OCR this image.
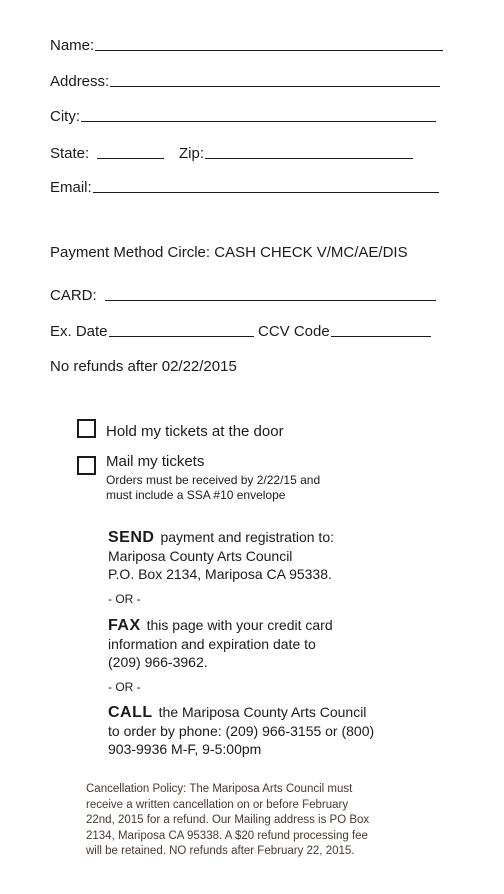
Name:
Address:
City:
State:	Zip:
Email:
Payment Method Circle: CASH CHECK V/MC/AE/DIS
CARD:
Ex. Date	CCV Code
No refunds after 02/22/2015
Hold my tickets at the door
Mail my tickets
Orders must be received by 2/22/15 and
must include a SSA #10 envelope
SEND payment and registration to:
Mariposa County Arts Council
P.O. Box 2134, Mariposa CA 95338.
- OR -
FAX this page with your credit card
information and expiration date to
(209) 966-3962.
- OR -
CALL the Mariposa County Arts Council
to order by phone: (209) 966-3155 or (800)
903-9936 M-F, 9-5:00pm
Cancellation Policy: The Mariposa Arts Council must
receive a written cancellation on or before February
22nd, 2015 for a refund. Our Mailing address is PO Box
2134, Mariposa CA 95338. A $20 refund processing fee
will be retained. NO refunds after February 22, 2015.
